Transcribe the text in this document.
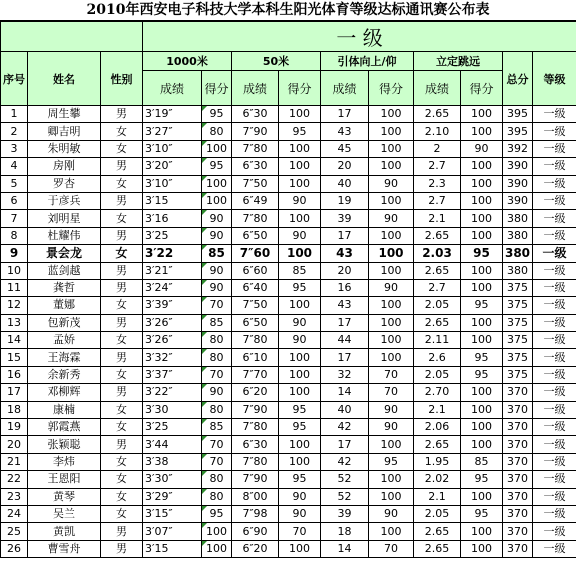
2010年西安电子科技大学本科生阳光体育等级达标通讯赛公布表
			一 级									
序号	姓名	性别	1000米		50米		引体向上/仰		立定跳远		总分	等级
			成绩	得分	成绩	得分	成绩	得分	成绩	得分		
1	周生攀	男	3′19″	95	6″30	100	17	100	2.65	100	395	一级
2	卿吉明	女	3′27″	80	7″90	95	43	100	2.10	100	395	一级
3	朱明敏	女	3′10″	100	7″80	100	45	100	2	90	392	一级
4	房刚	男	3′20″	95	6″30	100	20	100	2.7	100	390	一级
5	罗杏	女	3′10″	100	7″50	100	40	90	2.3	100	390	一级
6	于彦兵	男	3′15	100	6″49	90	19	100	2.7	100	390	一级
7	刘明星	女	3′16	90	7″80	100	39	90	2.1	100	380	一级
8	杜耀伟	男	3′25	90	6″50	90	17	100	2.65	100	380	一级
9	景会龙	女	3′22	85	7″60	100	43	100	2.03	95	380	一级
10	蓝剑越	男	3′21″	90	6″60	85	20	100	2.65	100	380	一级
11	龚哲	男	3′24″	90	6″40	95	16	90	2.7	100	375	一级
12	董娜	女	3′39″	70	7″50	100	43	100	2.05	95	375	一级
13	包新茂	男	3′26″	85	6″50	90	17	100	2.65	100	375	一级
14	孟娇	女	3′26″	80	7″80	90	44	100	2.11	100	375	一级
15	王海霖	男	3′32″	80	6″10	100	17	100	2.6	95	375	一级
16	余新秀	女	3′37″	70	7″70	100	32	70	2.05	95	375	一级
17	邓柳辉	男	3′22″	90	6″20	100	14	70	2.70	100	370	一级
18	康楠	女	3′30	80	7″90	95	40	90	2.1	100	370	一级
19	郭霞燕	女	3′25	85	7″80	95	42	90	2.06	100	370	一级
20	张颖聪	男	3′44	70	6″30	100	17	100	2.65	100	370	一级
21	李炜	女	3′38	70	7″80	100	42	95	1.95	85	370	一级
22	王恩阳	女	3′30″	80	7″90	95	52	100	2.02	95	370	一级
23	黄琴	女	3′29″	80	8″00	90	52	100	2.1	100	370	一级
24	吴兰	女	3′15″	95	7″98	90	39	90	2.05	95	370	一级
25	黄凯	男	3′07″	100	6″90	70	18	100	2.65	100	370	一级
26	曹雪舟	男	3′15	100	6″20	100	14	70	2.65	100	370	一级
